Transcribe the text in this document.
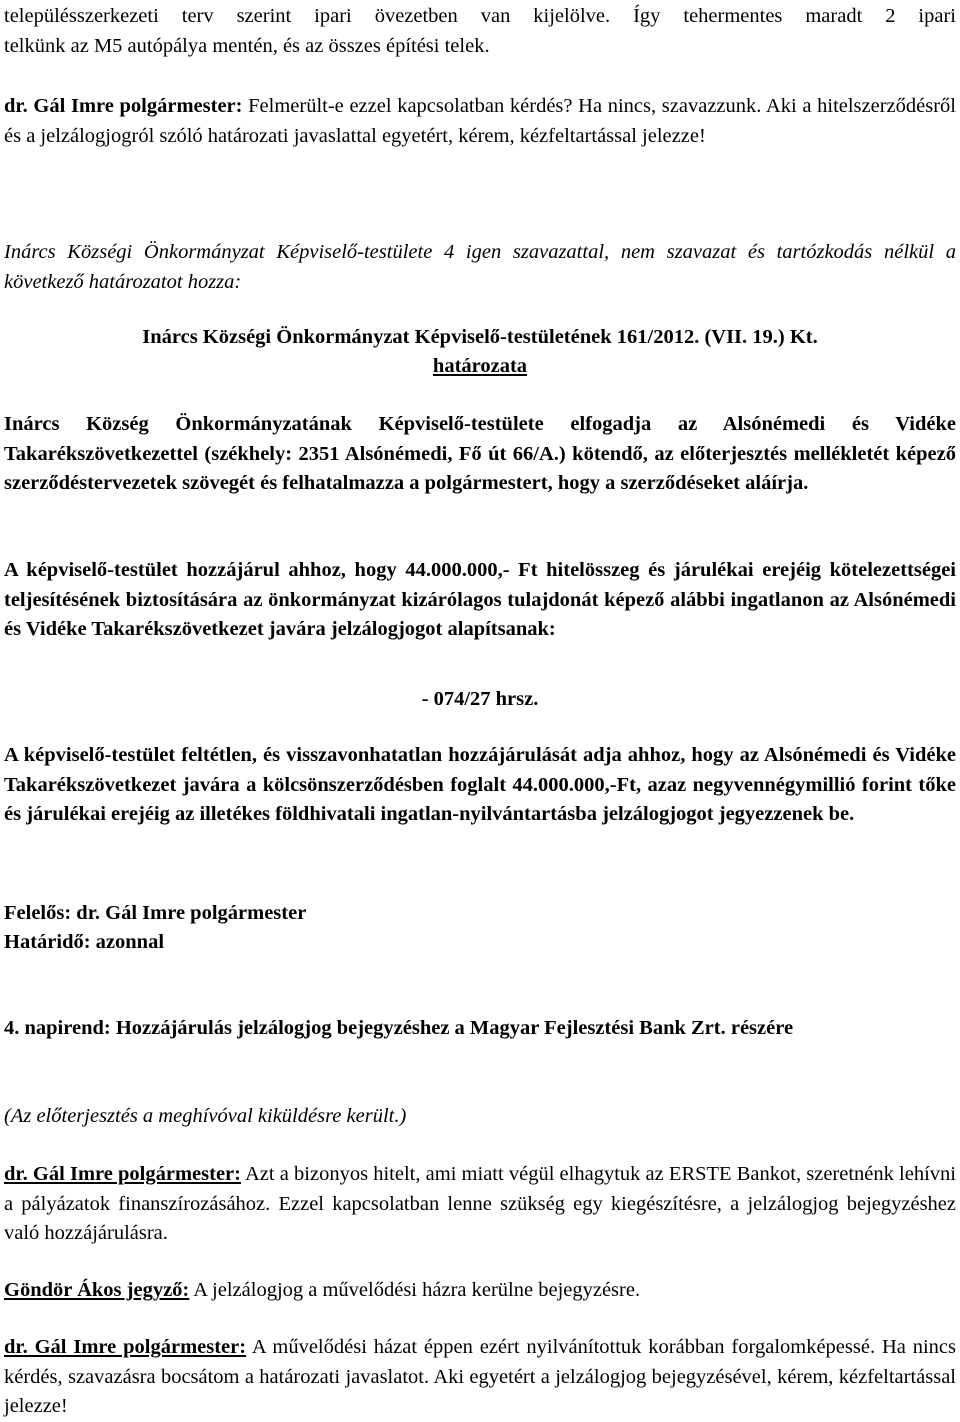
településszerkezeti terv szerint ipari övezetben van kijelölve. Így tehermentes maradt 2 ipari
telkünk az M5 autópálya mentén, és az összes építési telek.
dr. Gál Imre polgármester: Felmerült-e ezzel kapcsolatban kérdés? Ha nincs, szavazzunk. Aki a hitelszerződésről és a jelzálogjogról szóló határozati javaslattal egyetért, kérem, kézfeltartással jelezze!
Inárcs Községi Önkormányzat Képviselő-testülete 4 igen szavazattal, nem szavazat és tartózkodás nélkül a következő határozatot hozza:
Inárcs Községi Önkormányzat Képviselő-testületének 161/2012. (VII. 19.) Kt.
határozata
Inárcs Község Önkormányzatának Képviselő-testülete elfogadja az Alsónémedi és Vidéke Takarékszövetkezettel (székhely: 2351 Alsónémedi, Fő út 66/A.) kötendő, az előterjesztés mellékletét képező szerződéstervezetek szövegét és felhatalmazza a polgármestert, hogy a szerződéseket aláírja.
A képviselő-testület hozzájárul ahhoz, hogy 44.000.000,- Ft hitelösszeg és járulékai erejéig kötelezettségei teljesítésének biztosítására az önkormányzat kizárólagos tulajdonát képező alábbi ingatlanon az Alsónémedi és Vidéke Takarékszövetkezet javára jelzálogjogot alapítsanak:
- 074/27 hrsz.
A képviselő-testület feltétlen, és visszavonhatatlan hozzájárulását adja ahhoz, hogy az Alsónémedi és Vidéke Takarékszövetkezet javára a kölcsönszerződésben foglalt 44.000.000,-Ft, azaz negyvennégymillió forint tőke és járulékai erejéig az illetékes földhivatali ingatlan-nyilvántartásba jelzálogjogot jegyezzenek be.
Felelős: dr. Gál Imre polgármester
Határidő: azonnal
4. napirend: Hozzájárulás jelzálogjog bejegyzéshez a Magyar Fejlesztési Bank Zrt. részére
(Az előterjesztés a meghívóval kiküldésre került.)
dr. Gál Imre polgármester: Azt a bizonyos hitelt, ami miatt végül elhagytuk az ERSTE Bankot, szeretnénk lehívni a pályázatok finanszírozásához. Ezzel kapcsolatban lenne szükség egy kiegészítésre, a jelzálogjog bejegyzéshez való hozzájárulásra.
Göndör Ákos jegyző: A jelzálogjog a művelődési házra kerülne bejegyzésre.
dr. Gál Imre polgármester: A művelődési házat éppen ezért nyilvánítottuk korábban forgalomképessé. Ha nincs kérdés, szavazásra bocsátom a határozati javaslatot. Aki egyetért a jelzálogjog bejegyzésével, kérem, kézfeltartással jelezze!
